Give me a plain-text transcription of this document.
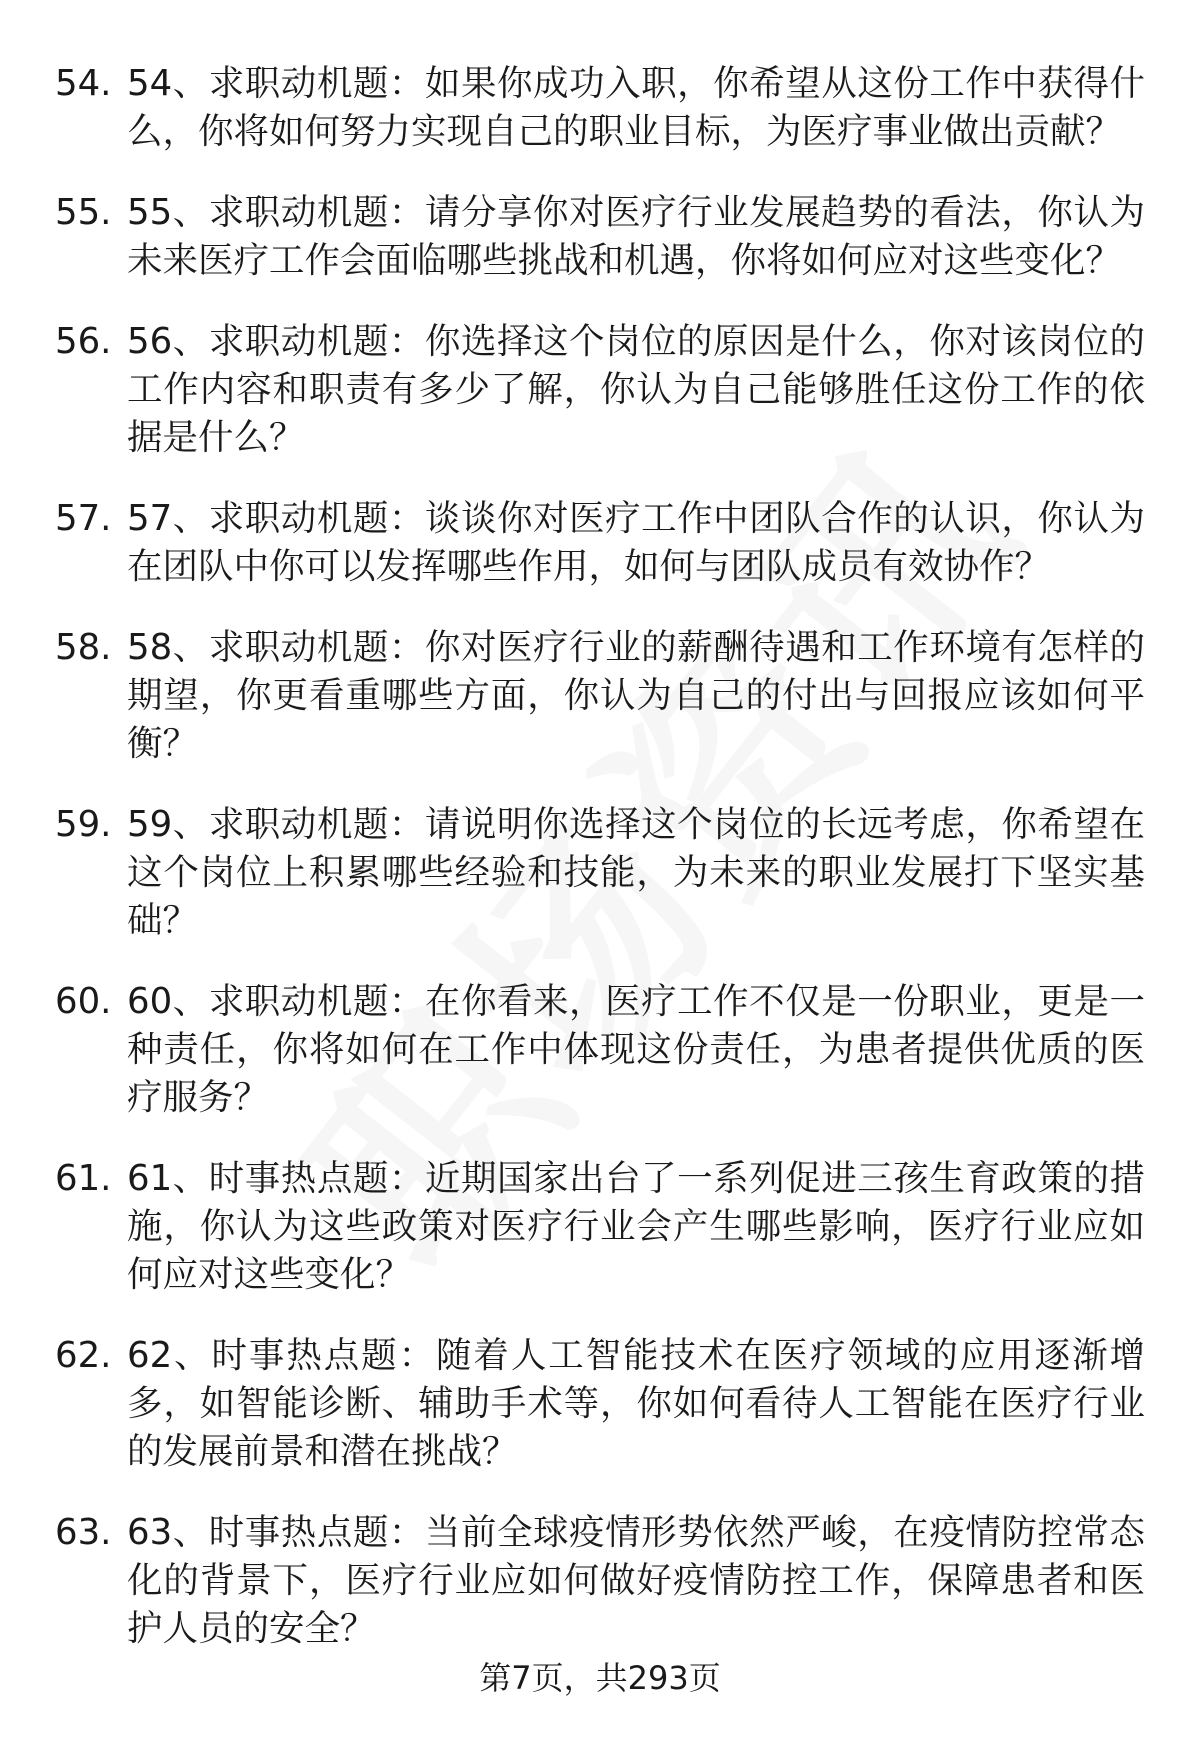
54. 54、求职动机题：如果你成功入职，你希望从这份工作中获得什么，你将如何努力实现自己的职业目标，为医疗事业做出贡献？
55. 55、求职动机题：请分享你对医疗行业发展趋势的看法，你认为未来医疗工作会面临哪些挑战和机遇，你将如何应对这些变化？
56. 56、求职动机题：你选择这个岗位的原因是什么，你对该岗位的工作内容和职责有多少了解，你认为自己能够胜任这份工作的依据是什么？
57. 57、求职动机题：谈谈你对医疗工作中团队合作的认识，你认为在团队中你可以发挥哪些作用，如何与团队成员有效协作？
58. 58、求职动机题：你对医疗行业的薪酬待遇和工作环境有怎样的期望，你更看重哪些方面，你认为自己的付出与回报应该如何平衡？
59. 59、求职动机题：请说明你选择这个岗位的长远考虑，你希望在这个岗位上积累哪些经验和技能，为未来的职业发展打下坚实基础？
60. 60、求职动机题：在你看来，医疗工作不仅是一份职业，更是一种责任，你将如何在工作中体现这份责任，为患者提供优质的医疗服务？
61. 61、时事热点题：近期国家出台了一系列促进三孩生育政策的措施，你认为这些政策对医疗行业会产生哪些影响，医疗行业应如何应对这些变化？
62. 62、时事热点题：随着人工智能技术在医疗领域的应用逐渐增多，如智能诊断、辅助手术等，你如何看待人工智能在医疗行业的发展前景和潜在挑战？
63. 63、时事热点题：当前全球疫情形势依然严峻，在疫情防控常态化的背景下，医疗行业应如何做好疫情防控工作，保障患者和医护人员的安全？
第7页，共293页
